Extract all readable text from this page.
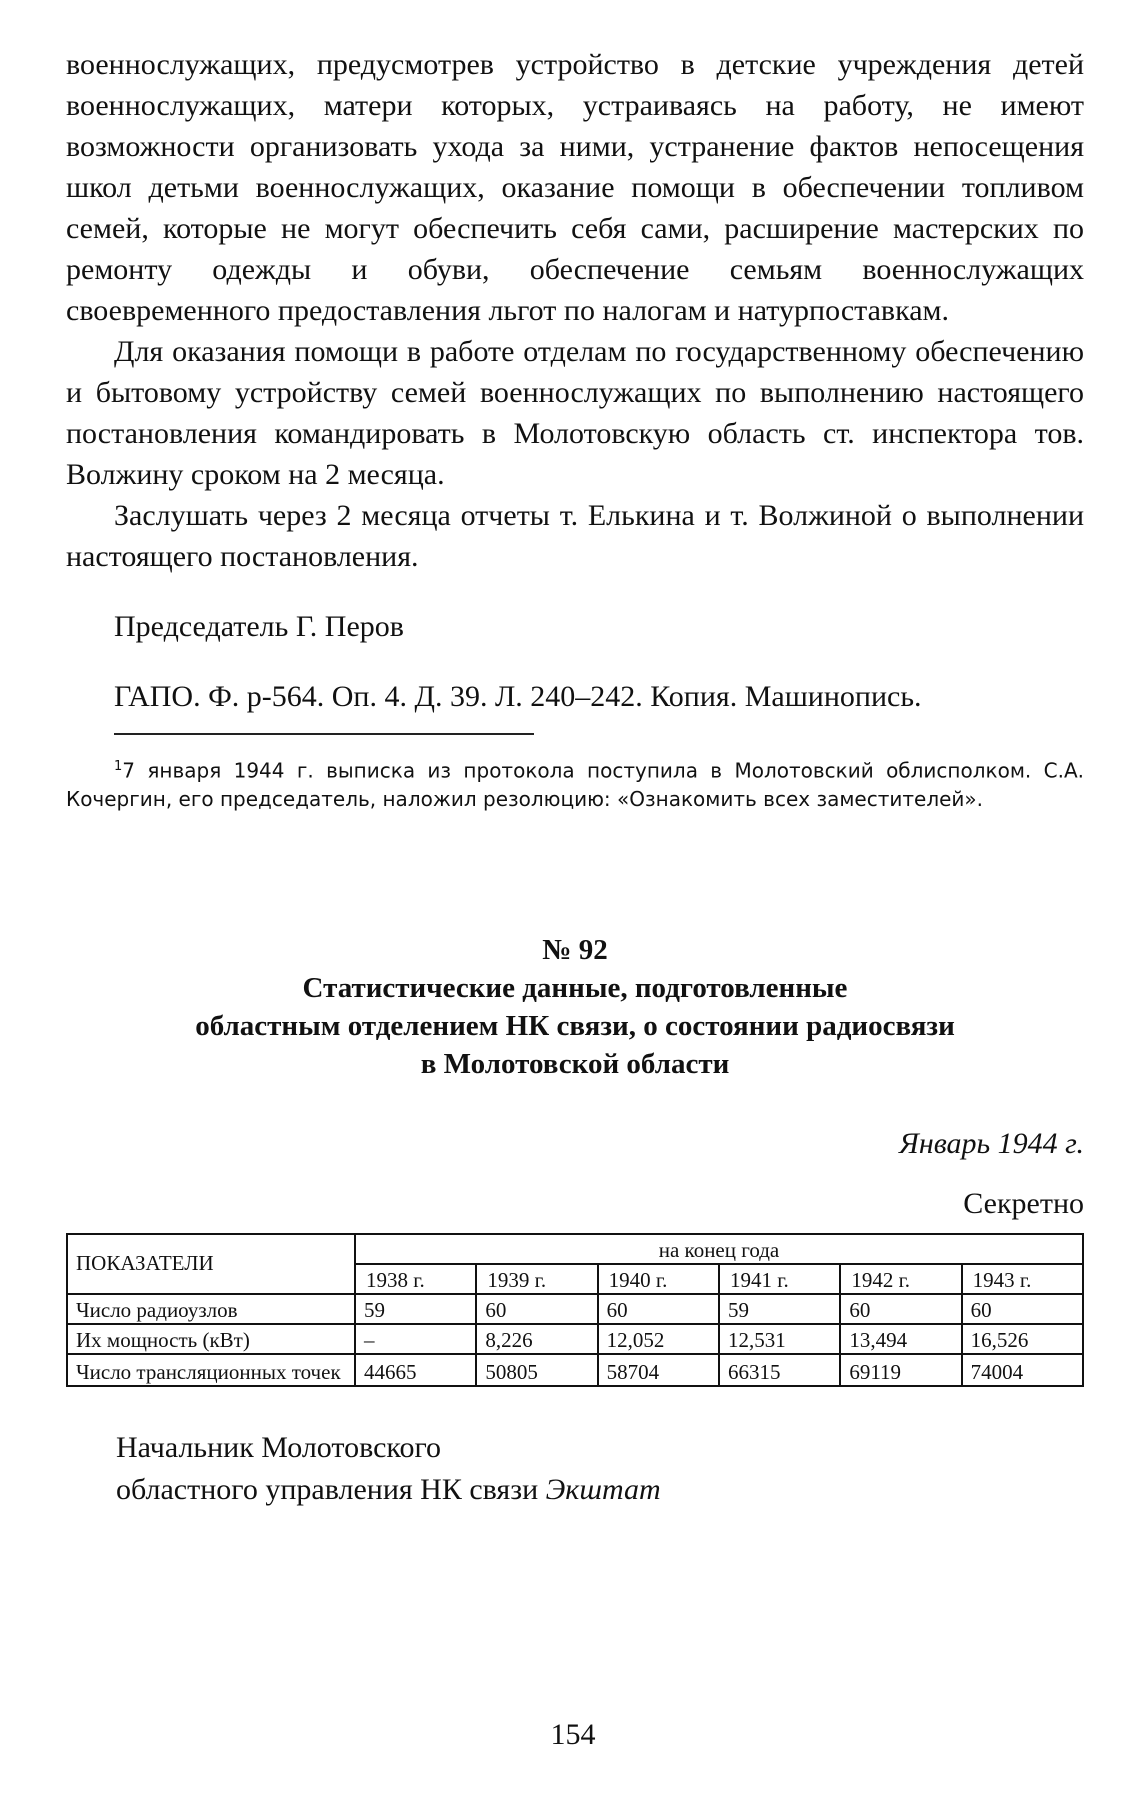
военнослужащих, предусмотрев устройство в детские учреждения детей военнослужащих, матери которых, устраиваясь на работу, не имеют возможности организовать ухода за ними, устранение фактов непосещения школ детьми военнослужащих, оказание помощи в обеспечении топливом семей, которые не могут обеспечить себя сами, расширение мастерских по ремонту одежды и обуви, обеспечение семьям военнослужащих своевременного предоставления льгот по налогам и натурпоставкам.

Для оказания помощи в работе отделам по государственному обеспечению и бытовому устройству семей военнослужащих по выполнению настоящего постановления командировать в Молотовскую область ст. инспектора тов. Волжину сроком на 2 месяца.

Заслушать через 2 месяца отчеты т. Елькина и т. Волжиной о выполнении настоящего постановления.

Председатель Г. Перов
ГАПО. Ф. р-564. Оп. 4. Д. 39. Л. 240–242. Копия. Машинопись.
$^1$7 января 1944 г. выписка из протокола поступила в Молотовский облисполком. С.А. Кочергин, его председатель, наложил резолюцию: «Ознакомить всех заместителей».
№ 92
Статистические данные, подготовленные
областным отделением НК связи, о состоянии радиосвязи
в Молотовской области
Январь 1944 г.
Секретно
ПОКАЗАТЕЛИ	на конец года					
	1938 г.	1939 г.	1940 г.	1941 г.	1942 г.	1943 г.
Число радиоузлов	59	60	60	59	60	60
Их мощность (кВт)	–	8,226	12,052	12,531	13,494	16,526
Число трансляционных точек	44665	50805	58704	66315	69119	74004
Начальник Молотовского
областного управления НК связи Экштат
154
